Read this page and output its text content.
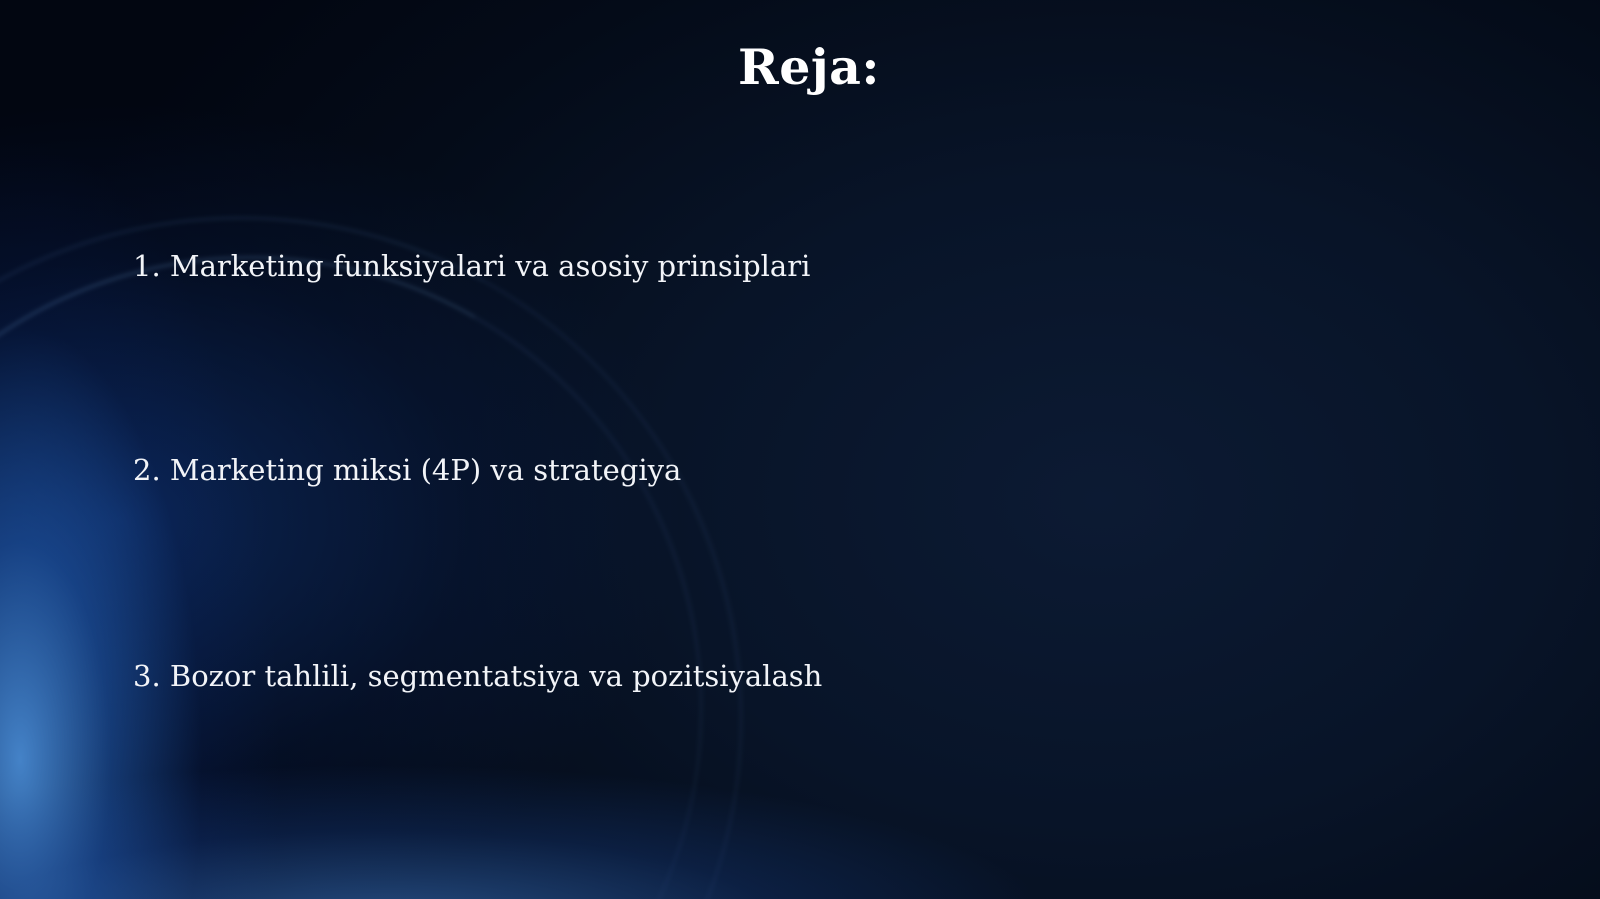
Reja:
1. Marketing funksiyalari va asosiy prinsiplari
2. Marketing miksi (4P) va strategiya
3. Bozor tahlili, segmentatsiya va pozitsiyalash
